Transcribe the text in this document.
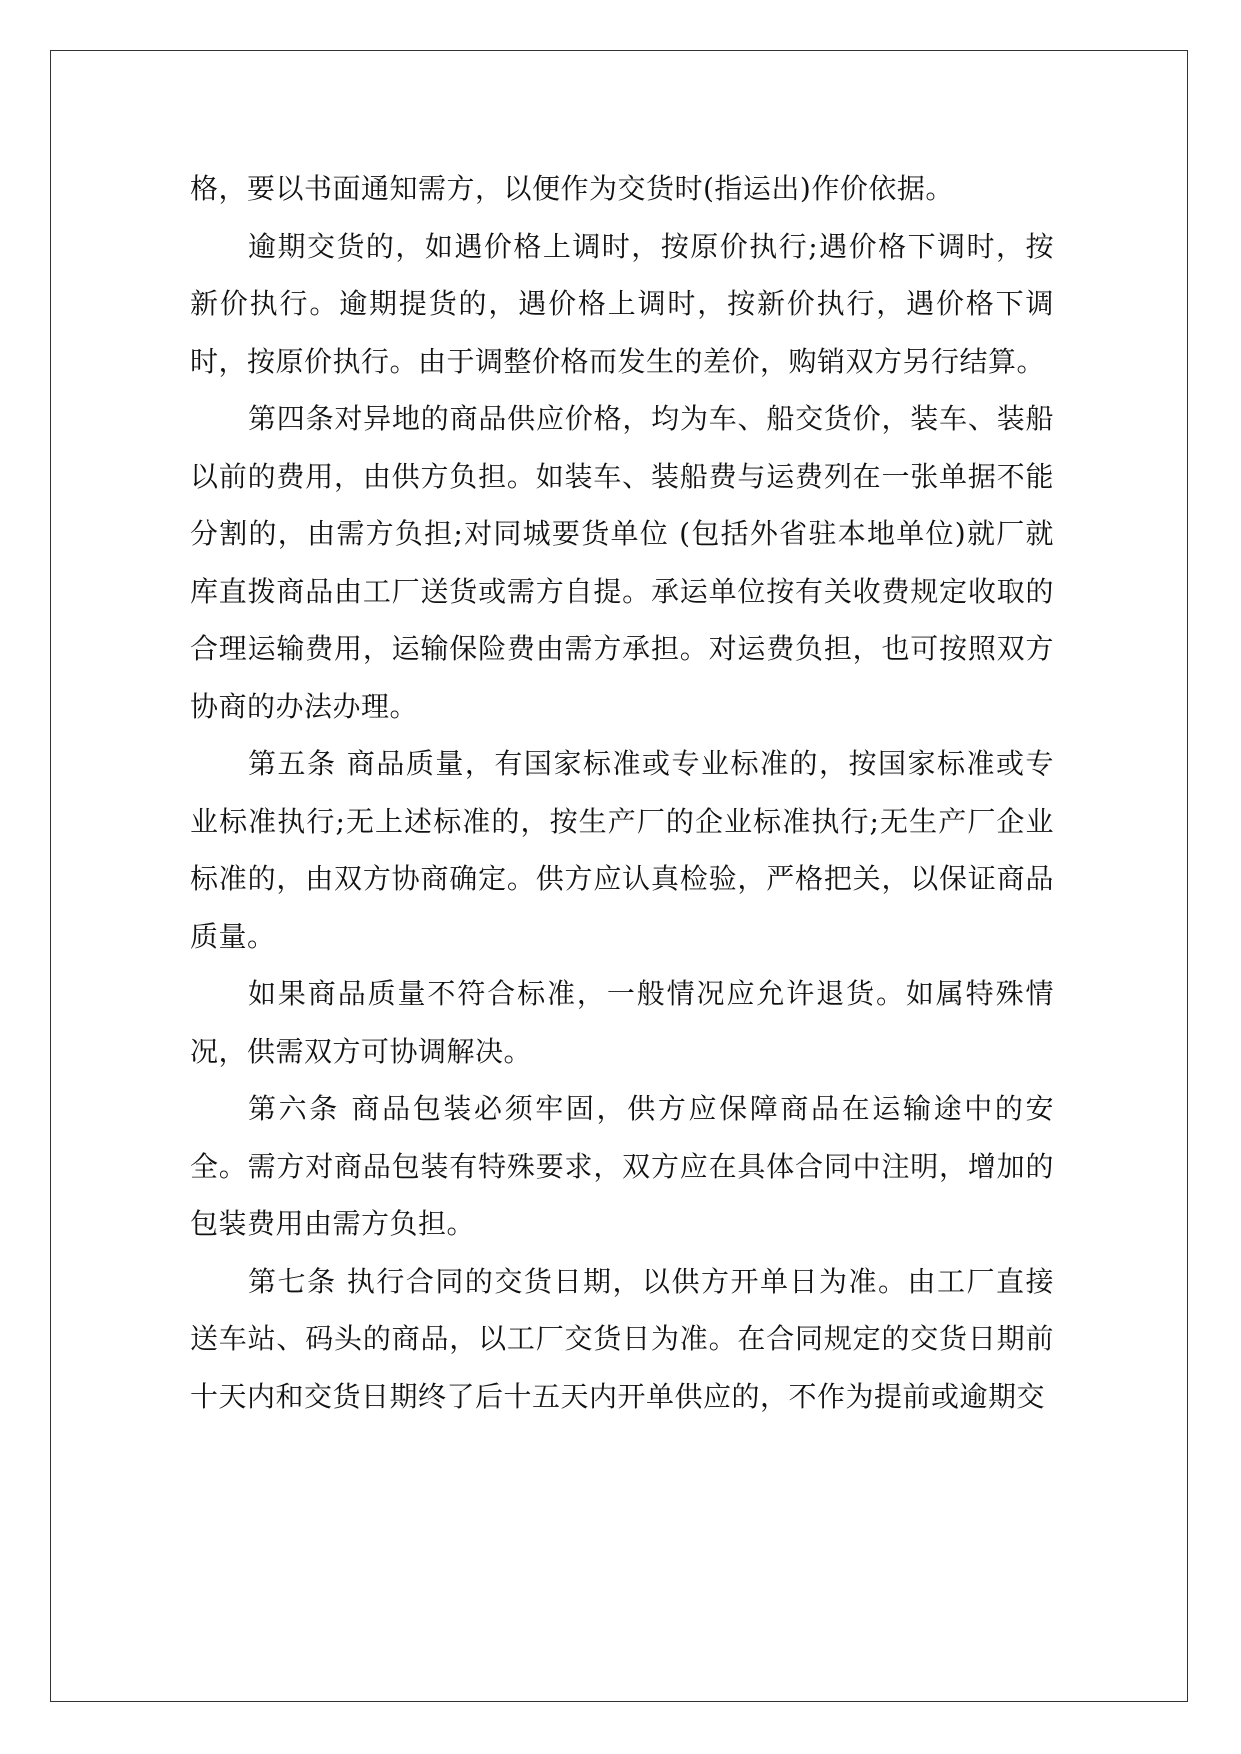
格，要以书面通知需方，以便作为交货时(指运出)作价依据。

逾期交货的，如遇价格上调时，按原价执行;遇价格下调时，按新价执行。逾期提货的，遇价格上调时，按新价执行，遇价格下调时，按原价执行。由于调整价格而发生的差价，购销双方另行结算。

第四条对异地的商品供应价格，均为车、船交货价，装车、装船以前的费用，由供方负担。如装车、装船费与运费列在一张单据不能分割的，由需方负担;对同城要货单位 (包括外省驻本地单位)就厂就库直拨商品由工厂送货或需方自提。承运单位按有关收费规定收取的合理运输费用，运输保险费由需方承担。对运费负担，也可按照双方协商的办法办理。

第五条 商品质量，有国家标准或专业标准的，按国家标准或专业标准执行;无上述标准的，按生产厂的企业标准执行;无生产厂企业标准的，由双方协商确定。供方应认真检验，严格把关，以保证商品质量。

如果商品质量不符合标准，一般情况应允许退货。如属特殊情况，供需双方可协调解决。

第六条 商品包装必须牢固，供方应保障商品在运输途中的安全。需方对商品包装有特殊要求，双方应在具体合同中注明，增加的包装费用由需方负担。

第七条 执行合同的交货日期，以供方开单日为准。由工厂直接送车站、码头的商品，以工厂交货日为准。在合同规定的交货日期前十天内和交货日期终了后十五天内开单供应的，不作为提前或逾期交
